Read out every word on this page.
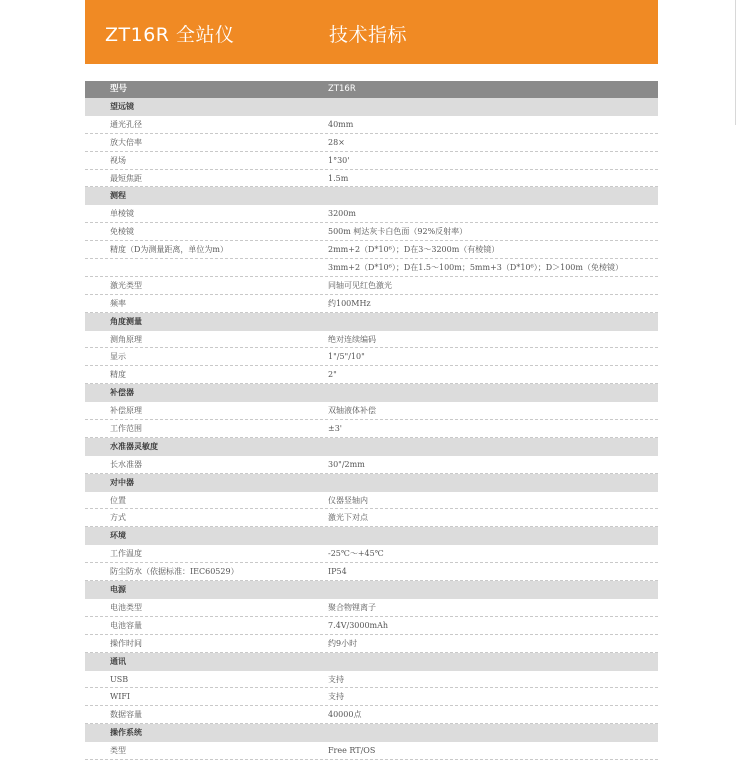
ZT16R 全站仪	技术指标
型号	ZT16R
望远镜
通光孔径	40mm
放大倍率	28×
视场	1°30'
最短焦距	1.5m
测程
单棱镜	3200m
免棱镜	500m 柯达灰卡白色面（92%反射率）
精度（D为测量距离，单位为m）	2mm+2（D*10⁶）；D在3～3200m（有棱镜）
3mm+2（D*10⁶）；D在1.5～100m；5mm+3（D*10⁶）；D＞100m（免棱镜）
激光类型	同轴可见红色激光
频率	约100MHz
角度测量
测角原理	绝对连续编码
显示	1"/5"/10"
精度	2"
补偿器
补偿原理	双轴液体补偿
工作范围	±3'
水准器灵敏度
长水准器	30"/2mm
对中器
位置	仪器竖轴内
方式	激光下对点
环境
工作温度	-25℃～+45℃
防尘防水（依据标准：IEC60529）	IP54
电源
电池类型	聚合物锂离子
电池容量	7.4V/3000mAh
操作时间	约9小时
通讯
USB	支持
WIFI	支持
数据容量	40000点
操作系统
类型	Free RT/OS
